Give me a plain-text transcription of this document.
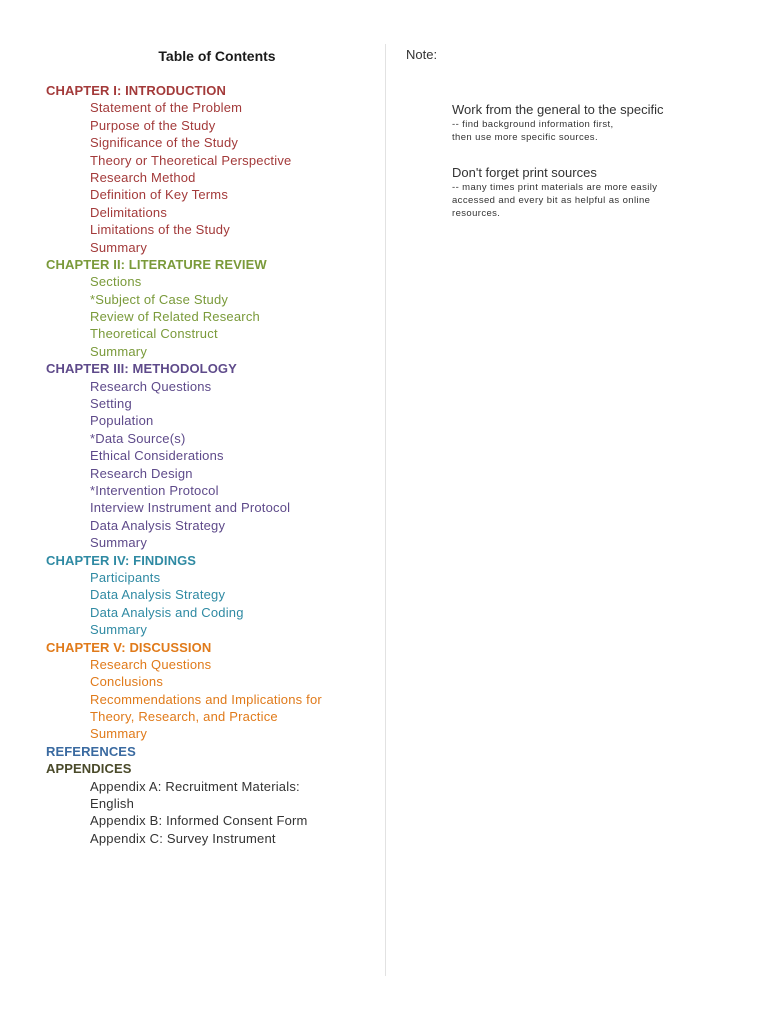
Table of Contents
CHAPTER I: INTRODUCTION
Statement of the Problem
Purpose of the Study
Significance of the Study
Theory or Theoretical Perspective
Research Method
Definition of Key Terms
Delimitations
Limitations of the Study
Summary
CHAPTER II: LITERATURE REVIEW
Sections
*Subject of Case Study
Review of Related Research
Theoretical Construct
Summary
CHAPTER III: METHODOLOGY
Research Questions
Setting
Population
*Data Source(s)
Ethical Considerations
Research Design
*Intervention Protocol
Interview Instrument and Protocol
Data Analysis Strategy
Summary
CHAPTER IV: FINDINGS
Participants
Data Analysis Strategy
Data Analysis and Coding
Summary
CHAPTER V: DISCUSSION
Research Questions
Conclusions
Recommendations and Implications for
Theory, Research, and Practice
Summary
REFERENCES
APPENDICES
Appendix A: Recruitment Materials:
English
Appendix B: Informed Consent Form
Appendix C: Survey Instrument
Note:
Work from the general to the specific
-- find background information first,
then use more specific sources.
Don't forget print sources
-- many times print materials are more easily
accessed and every bit as helpful as online
resources.
